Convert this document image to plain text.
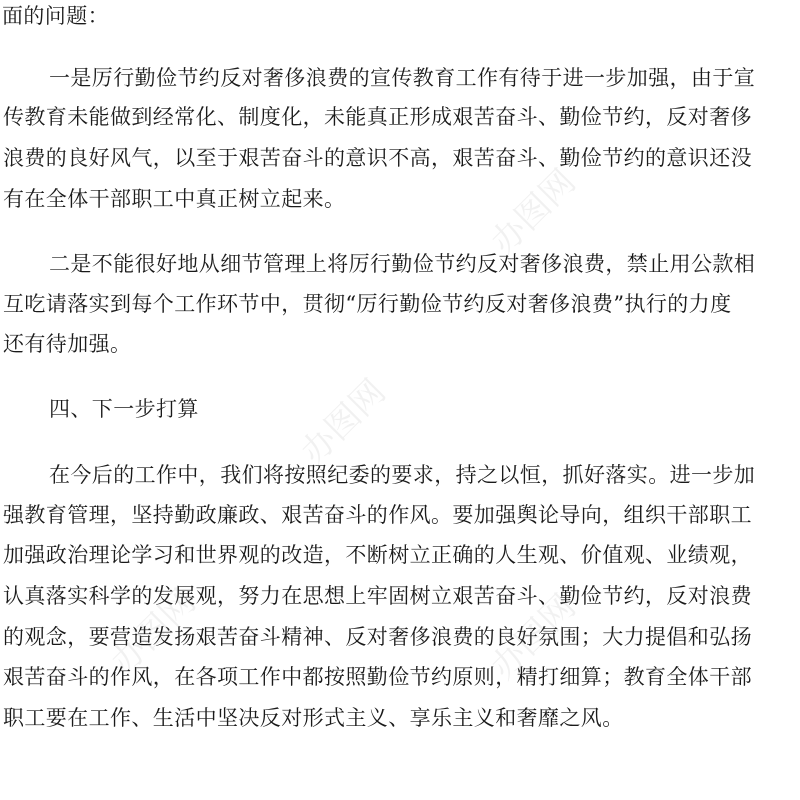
面的问题：
一是厉行勤俭节约反对奢侈浪费的宣传教育工作有待于进一步加强，由于宣
传教育未能做到经常化、制度化，未能真正形成艰苦奋斗、勤俭节约，反对奢侈
浪费的良好风气，以至于艰苦奋斗的意识不高，艰苦奋斗、勤俭节约的意识还没
有在全体干部职工中真正树立起来。
二是不能很好地从细节管理上将厉行勤俭节约反对奢侈浪费，禁止用公款相
互吃请落实到每个工作环节中，贯彻“厉行勤俭节约反对奢侈浪费”执行的力度
还有待加强。
四、下一步打算
在今后的工作中，我们将按照纪委的要求，持之以恒，抓好落实。进一步加
强教育管理，坚持勤政廉政、艰苦奋斗的作风。要加强舆论导向，组织干部职工
加强政治理论学习和世界观的改造，不断树立正确的人生观、价值观、业绩观，
认真落实科学的发展观，努力在思想上牢固树立艰苦奋斗、勤俭节约，反对浪费
的观念，要营造发扬艰苦奋斗精神、反对奢侈浪费的良好氛围；大力提倡和弘扬
艰苦奋斗的作风，在各项工作中都按照勤俭节约原则，精打细算；教育全体干部
职工要在工作、生活中坚决反对形式主义、享乐主义和奢靡之风。
办图网
办图网
办图网	办图网
